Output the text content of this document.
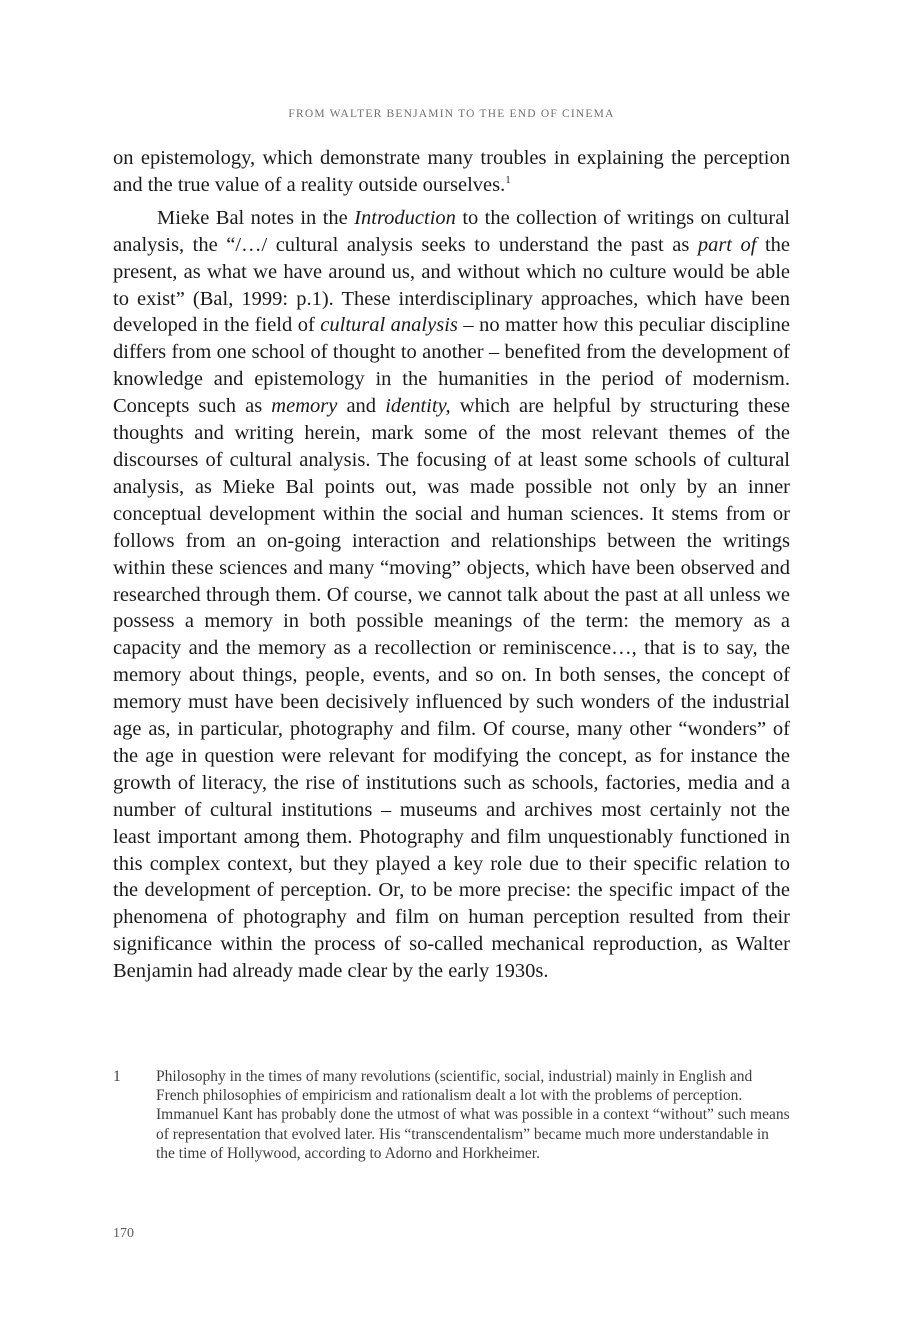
FROM WALTER BENJAMIN TO THE END OF CINEMA

on epistemology, which demonstrate many troubles in explaining the perception and the true value of a reality outside ourselves.$^1$

Mieke Bal notes in the Introduction to the collection of writings on cultural analysis, the “/…/ cultural analysis seeks to understand the past as part of the present, as what we have around us, and without which no culture would be able to exist” (Bal, 1999: p.1). These interdisciplinary approaches, which have been developed in the field of cultural analysis – no matter how this peculiar discipline differs from one school of thought to another – benefited from the development of knowledge and epistemology in the humanities in the period of modernism. Concepts such as memory and identity, which are helpful by structuring these thoughts and writing herein, mark some of the most relevant themes of the discourses of cultural analysis. The focusing of at least some schools of cultural analysis, as Mieke Bal points out, was made possible not only by an inner conceptual development within the social and human sciences. It stems from or follows from an on-going interaction and relationships between the writings within these sciences and many “moving” objects, which have been observed and researched through them. Of course, we cannot talk about the past at all unless we possess a memory in both possible meanings of the term: the memory as a capacity and the memory as a recollection or reminiscence…, that is to say, the memory about things, people, events, and so on. In both senses, the concept of memory must have been decisively influenced by such wonders of the industrial age as, in particular, photography and film. Of course, many other “wonders” of the age in question were relevant for modifying the concept, as for instance the growth of literacy, the rise of institutions such as schools, factories, media and a number of cultural institutions – museums and archives most certainly not the least important among them. Photography and film unquestionably functioned in this complex context, but they played a key role due to their specific relation to the development of perception. Or, to be more precise: the specific impact of the phenomena of photography and film on human perception resulted from their significance within the process of so-called mechanical reproduction, as Walter Benjamin had already made clear by the early 1930s.

1	Philosophy in the times of many revolutions (scientific, social, industrial) mainly in English and French philosophies of empiricism and rationalism dealt a lot with the problems of perception. Immanuel Kant has probably done the utmost of what was possible in a context “without” such means of representation that evolved later. His “transcendentalism” became much more understandable in the time of Hollywood, according to Adorno and Horkheimer.
170
